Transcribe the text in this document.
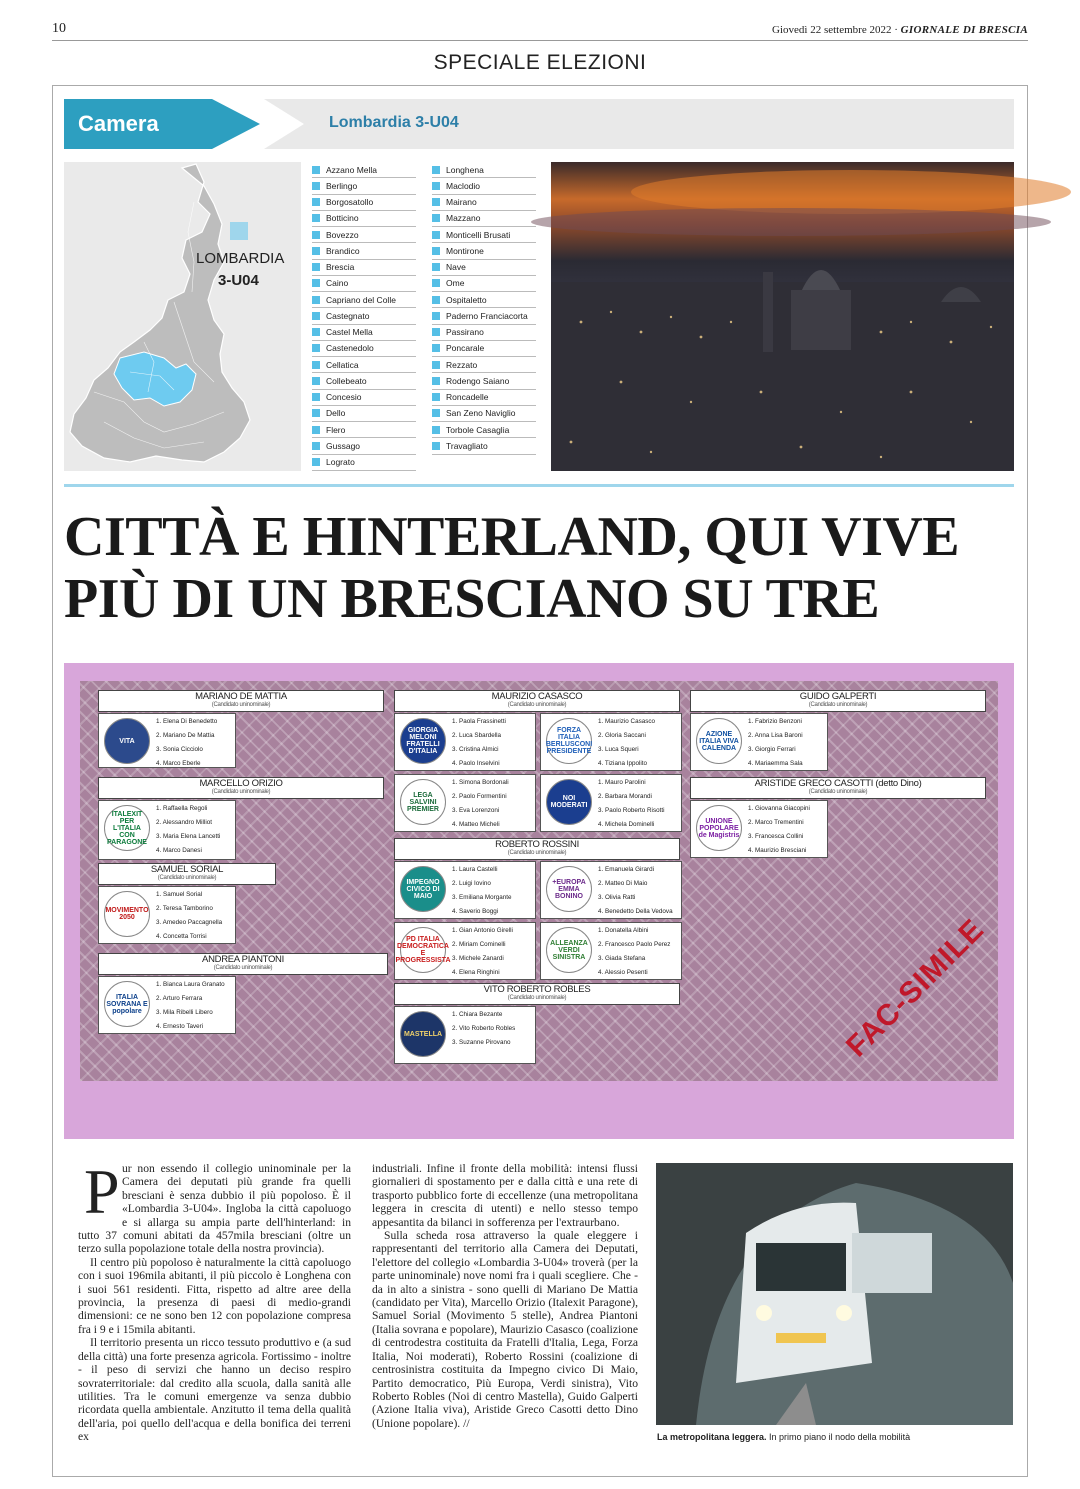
10	Giovedì 22 settembre 2022 · GIORNALE DI BRESCIA
SPECIALE ELEZIONI
Camera	Lombardia 3-U04
LOMBARDIA
3-U04
Azzano Mella
Berlingo
Borgosatollo
Botticino
Bovezzo
Brandico
Brescia
Caino
Capriano del Colle
Castegnato
Castel Mella
Castenedolo
Cellatica
Collebeato
Concesio
Dello
Flero
Gussago
Lograto
Longhena
Maclodio
Mairano
Mazzano
Monticelli Brusati
Montirone
Nave
Ome
Ospitaletto
Paderno Franciacorta
Passirano
Poncarale
Rezzato
Rodengo Saiano
Roncadelle
San Zeno Naviglio
Torbole Casaglia
Travagliato
CITTÀ E HINTERLAND, QUI VIVE
PIÙ DI UN BRESCIANO SU TRE
MARIANO DE MATTIA
(Candidato uninominale)
VITA
1. Elena Di Benedetto
2. Mariano De Mattia
3. Sonia Cicciolo
4. Marco Eberle
MARCELLO ORIZIO
(Candidato uninominale)
ITALEXIT PER L'ITALIA CON PARAGONE
1. Raffaella Regoli
2. Alessandro Milliot
3. Maria Elena Lancetti
4. Marco Danesi
SAMUEL SORIAL
(Candidato uninominale)
MOVIMENTO 2050
1. Samuel Sorial
2. Teresa Tamborino
3. Amedeo Paccagnella
4. Concetta Torrisi
ANDREA PIANTONI
(Candidato uninominale)
ITALIA SOVRANA E popolare
1. Bianca Laura Granato
2. Arturo Ferrara
3. Mila Ribelli Libero
4. Ernesto Taveri
MAURIZIO CASASCO
(Candidato uninominale)
GIORGIA MELONI FRATELLI D'ITALIA
1. Paola Frassinetti
2. Luca Sbardella
3. Cristina Almici
4. Paolo Inselvini
FORZA ITALIA BERLUSCONI PRESIDENTE
1. Maurizio Casasco
2. Gloria Saccani
3. Luca Squeri
4. Tiziana Ippolito
LEGA SALVINI PREMIER
1. Simona Bordonali
2. Paolo Formentini
3. Eva Lorenzoni
4. Matteo Micheli
NOI MODERATI
1. Mauro Parolini
2. Barbara Morandi
3. Paolo Roberto Risotti
4. Michela Dominelli
ROBERTO ROSSINI
(Candidato uninominale)
IMPEGNO CIVICO DI MAIO
1. Laura Castelli
2. Luigi Iovino
3. Emiliana Morgante
4. Saverio Boggi
+EUROPA EMMA BONINO
1. Emanuela Girardi
2. Matteo Di Maio
3. Olivia Ratti
4. Benedetto Della Vedova
PD ITALIA DEMOCRATICA E PROGRESSISTA
1. Gian Antonio Girelli
2. Miriam Cominelli
3. Michele Zanardi
4. Elena Ringhini
ALLEANZA VERDI SINISTRA
1. Donatella Albini
2. Francesco Paolo Perez
3. Giada Stefana
4. Alessio Pesenti
VITO ROBERTO ROBLES
(Candidato uninominale)
MASTELLA
1. Chiara Bezante
2. Vito Roberto Robles
3. Suzanne Pirovano
GUIDO GALPERTI
(Candidato uninominale)
AZIONE ITALIA VIVA CALENDA
1. Fabrizio Benzoni
2. Anna Lisa Baroni
3. Giorgio Ferrari
4. Mariaemma Sala
ARISTIDE GRECO CASOTTI (detto Dino)
(Candidato uninominale)
UNIONE POPOLARE de Magistris
1. Giovanna Giacopini
2. Marco Trementini
3. Francesca Collini
4. Maurizio Bresciani
FAC-SIMILE
P ur non essendo il collegio uninominale per la Camera dei deputati più grande fra quelli bresciani è senza dubbio il più popoloso. È il «Lombardia 3-U04». Ingloba la città capoluogo e si allarga su ampia parte dell'hinterland: in tutto 37 comuni abitati da 457mila bresciani (oltre un terzo sulla popolazione totale della nostra provincia).

Il centro più popoloso è naturalmente la città capoluogo con i suoi 196mila abitanti, il più piccolo è Longhena con i suoi 561 residenti. Fitta, rispetto ad altre aree della provincia, la presenza di paesi di medio-grandi dimensioni: ce ne sono ben 12 con popolazione compresa fra i 9 e i 15mila abitanti.

Il territorio presenta un ricco tessuto produttivo e (a sud della città) una forte presenza agricola. Fortissimo - inoltre - il peso di servizi che hanno un deciso respiro sovraterritoriale: dal credito alla scuola, dalla sanità alle utilities. Tra le comuni emergenze va senza dubbio ricordata quella ambientale. Anzitutto il tema della qualità dell'aria, poi quello dell'acqua e della bonifica dei terreni ex

industriali. Infine il fronte della mobilità: intensi flussi giornalieri di spostamento per e dalla città e una rete di trasporto pubblico forte di eccellenze (una metropolitana leggera in crescita di utenti) e nello stesso tempo appesantita da bilanci in sofferenza per l'extraurbano.

Sulla scheda rosa attraverso la quale eleggere i rappresentanti del territorio alla Camera dei Deputati, l'elettore del collegio «Lombardia 3-U04» troverà (per la parte uninominale) nove nomi fra i quali scegliere. Che - da in alto a sinistra - sono quelli di Mariano De Mattia (candidato per Vita), Marcello Orizio (Italexit Paragone), Samuel Sorial (Movimento 5 stelle), Andrea Piantoni (Italia sovrana e popolare), Maurizio Casasco (coalizione di centrodestra costituita da Fratelli d'Italia, Lega, Forza Italia, Noi moderati), Roberto Rossini (coalizione di centrosinistra costituita da Impegno civico Di Maio, Partito democratico, Più Europa, Verdi sinistra), Vito Roberto Robles (Noi di centro Mastella), Guido Galperti (Azione Italia viva), Aristide Greco Casotti detto Dino (Unione popolare). //

La metropolitana leggera. In primo piano il nodo della mobilità
